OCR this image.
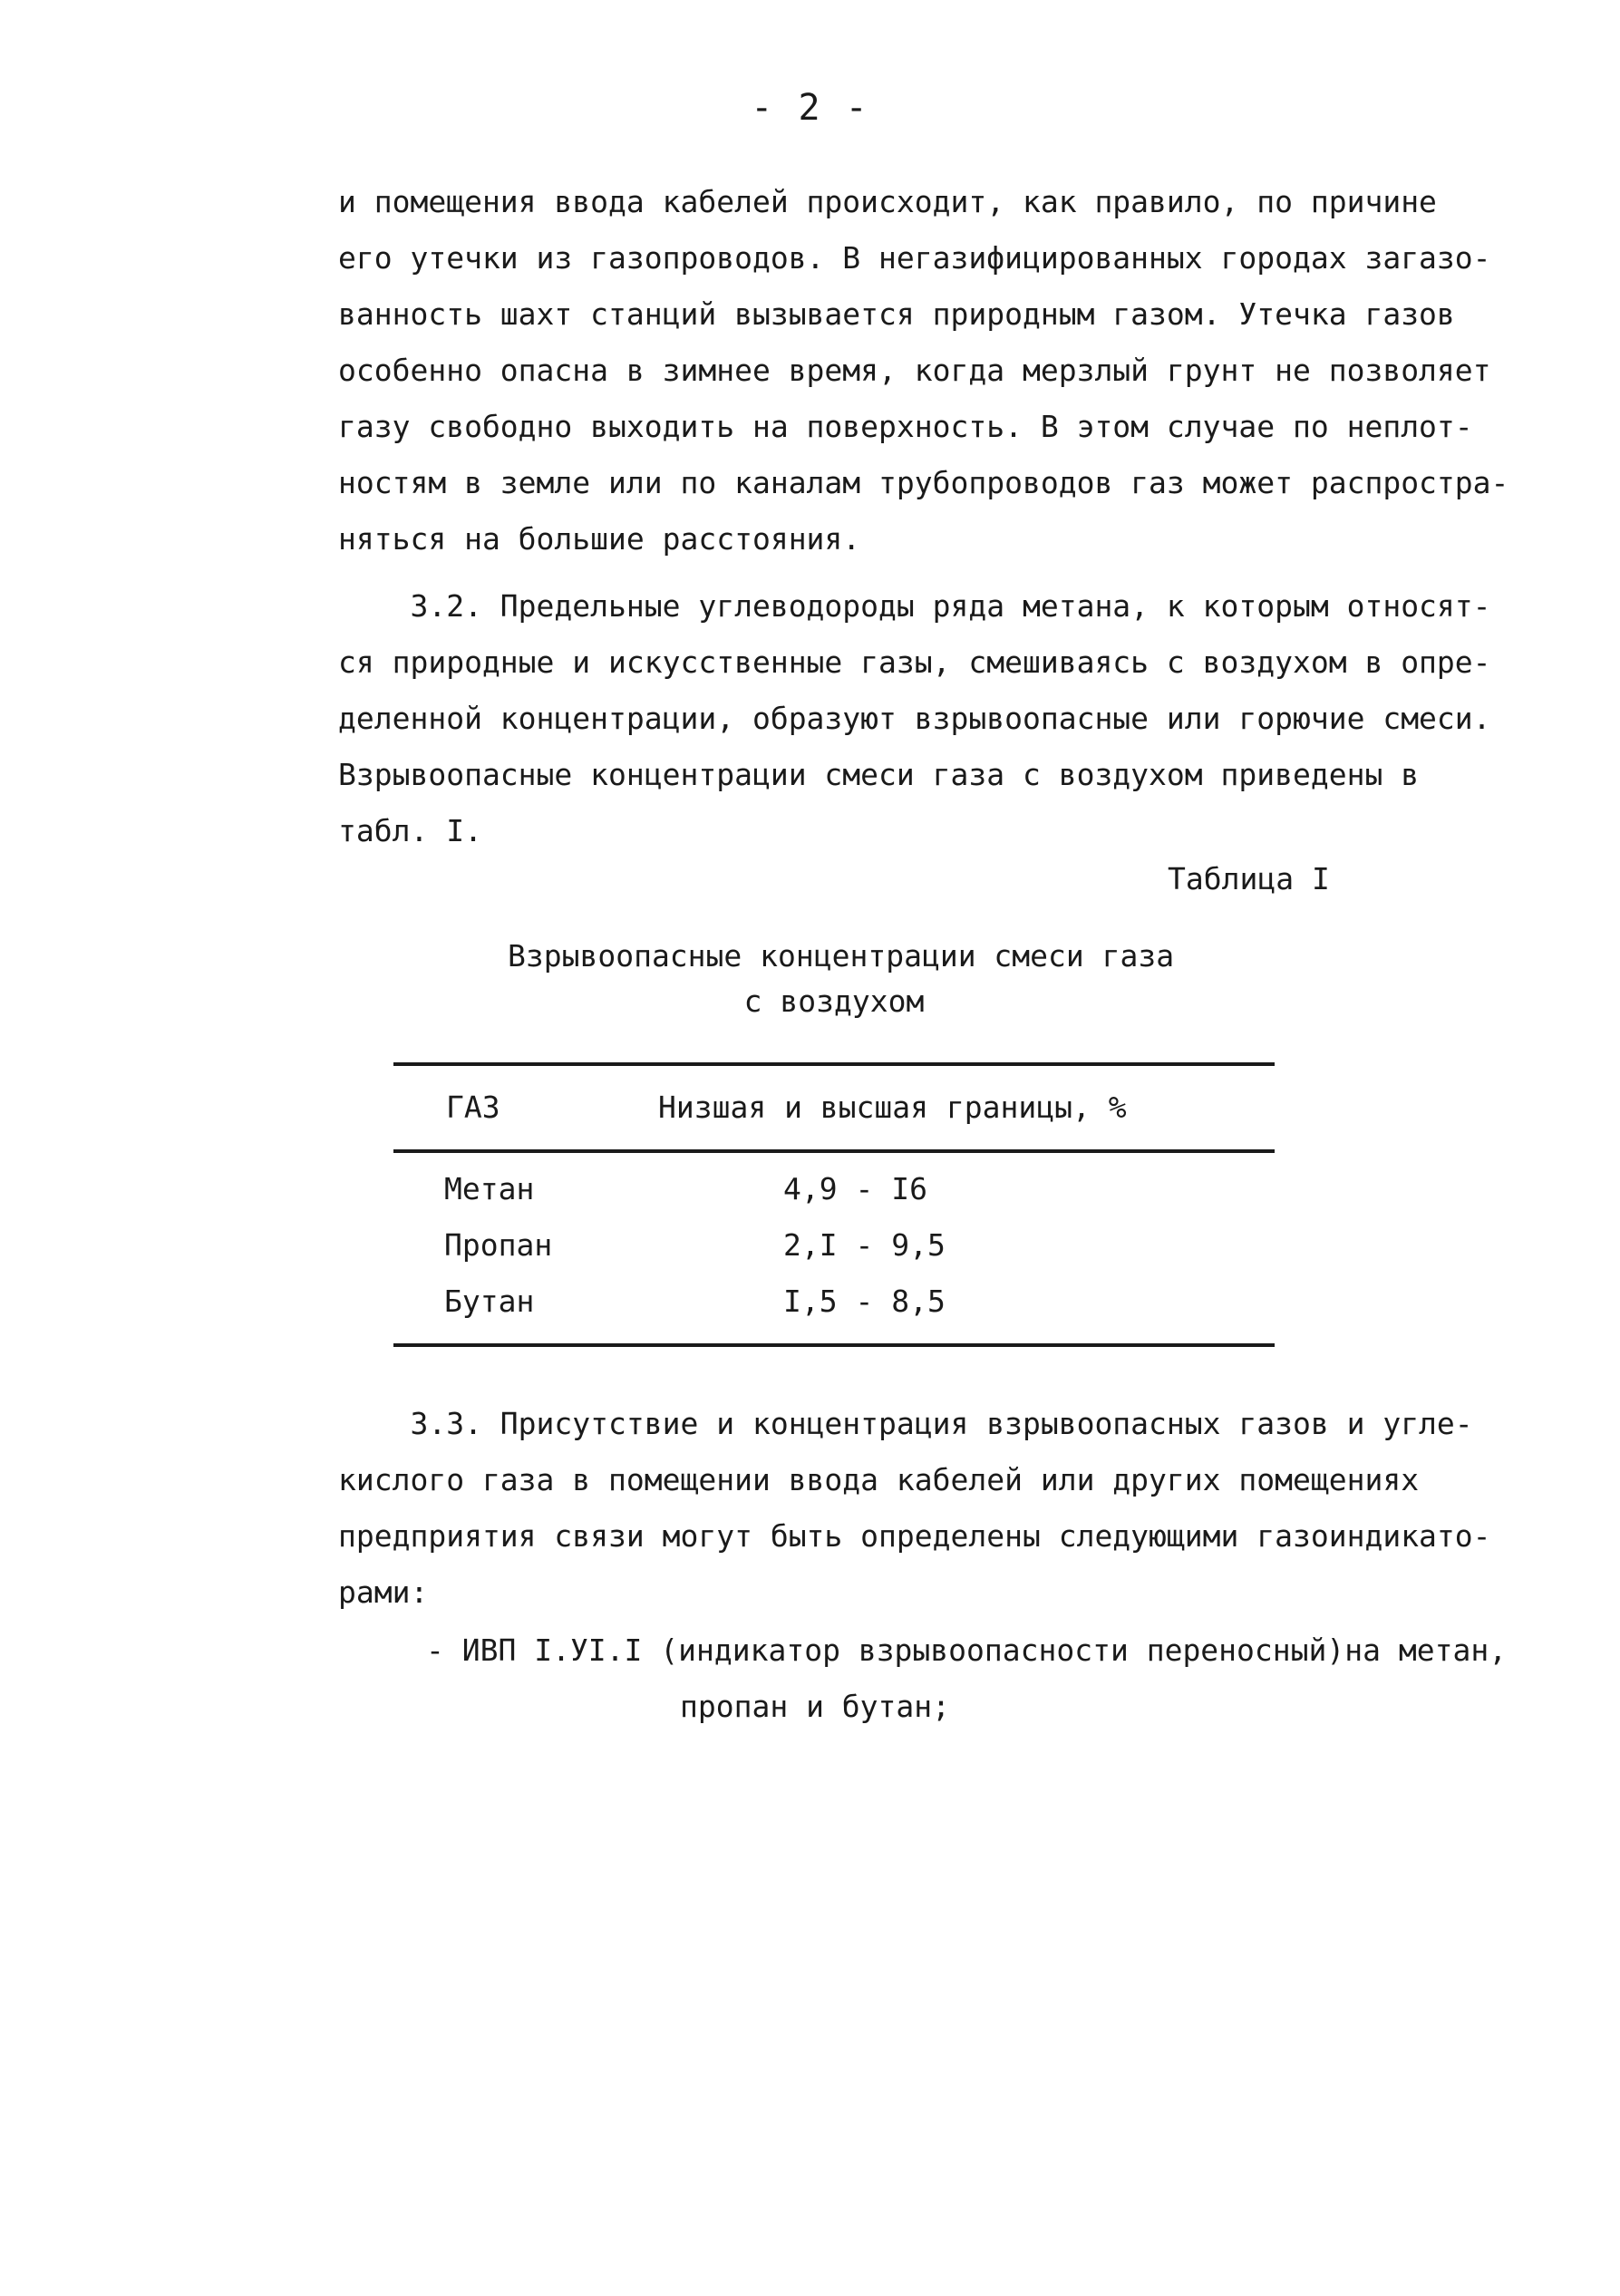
- 2 -
и помещения ввода кабелей происходит, как правило, по причине
его утечки из газопроводов. В негазифицированных городах загазо-
ванность шахт станций вызывается природным газом. Утечка газов
особенно опасна в зимнее время, когда мерзлый грунт не позволяет
газу свободно выходить на поверхность. В этом случае по неплот-
ностям в земле или по каналам трубопроводов газ может распростра-
няться на большие расстояния.
3.2. Предельные углеводороды ряда метана, к которым относят-
ся природные и искусственные газы, смешиваясь с воздухом в опре-
деленной концентрации, образуют взрывоопасные или горючие смеси.
Взрывоопасные концентрации смеси газа с воздухом приведены в
табл. I.
Таблица I
Взрывоопасные концентрации смеси газа
с воздухом
ГАЗ	Низшая и высшая границы, %
Метан	4,9 - I6
Пропан	2,I - 9,5
Бутан	I,5 - 8,5
3.3. Присутствие и концентрация взрывоопасных газов и угле-
кислого газа в помещении ввода кабелей или других помещениях
предприятия связи могут быть определены следующими газоиндикато-
рами:
- ИВП I.УI.I (индикатор взрывоопасности переносный)на метан,
пропан и бутан;
